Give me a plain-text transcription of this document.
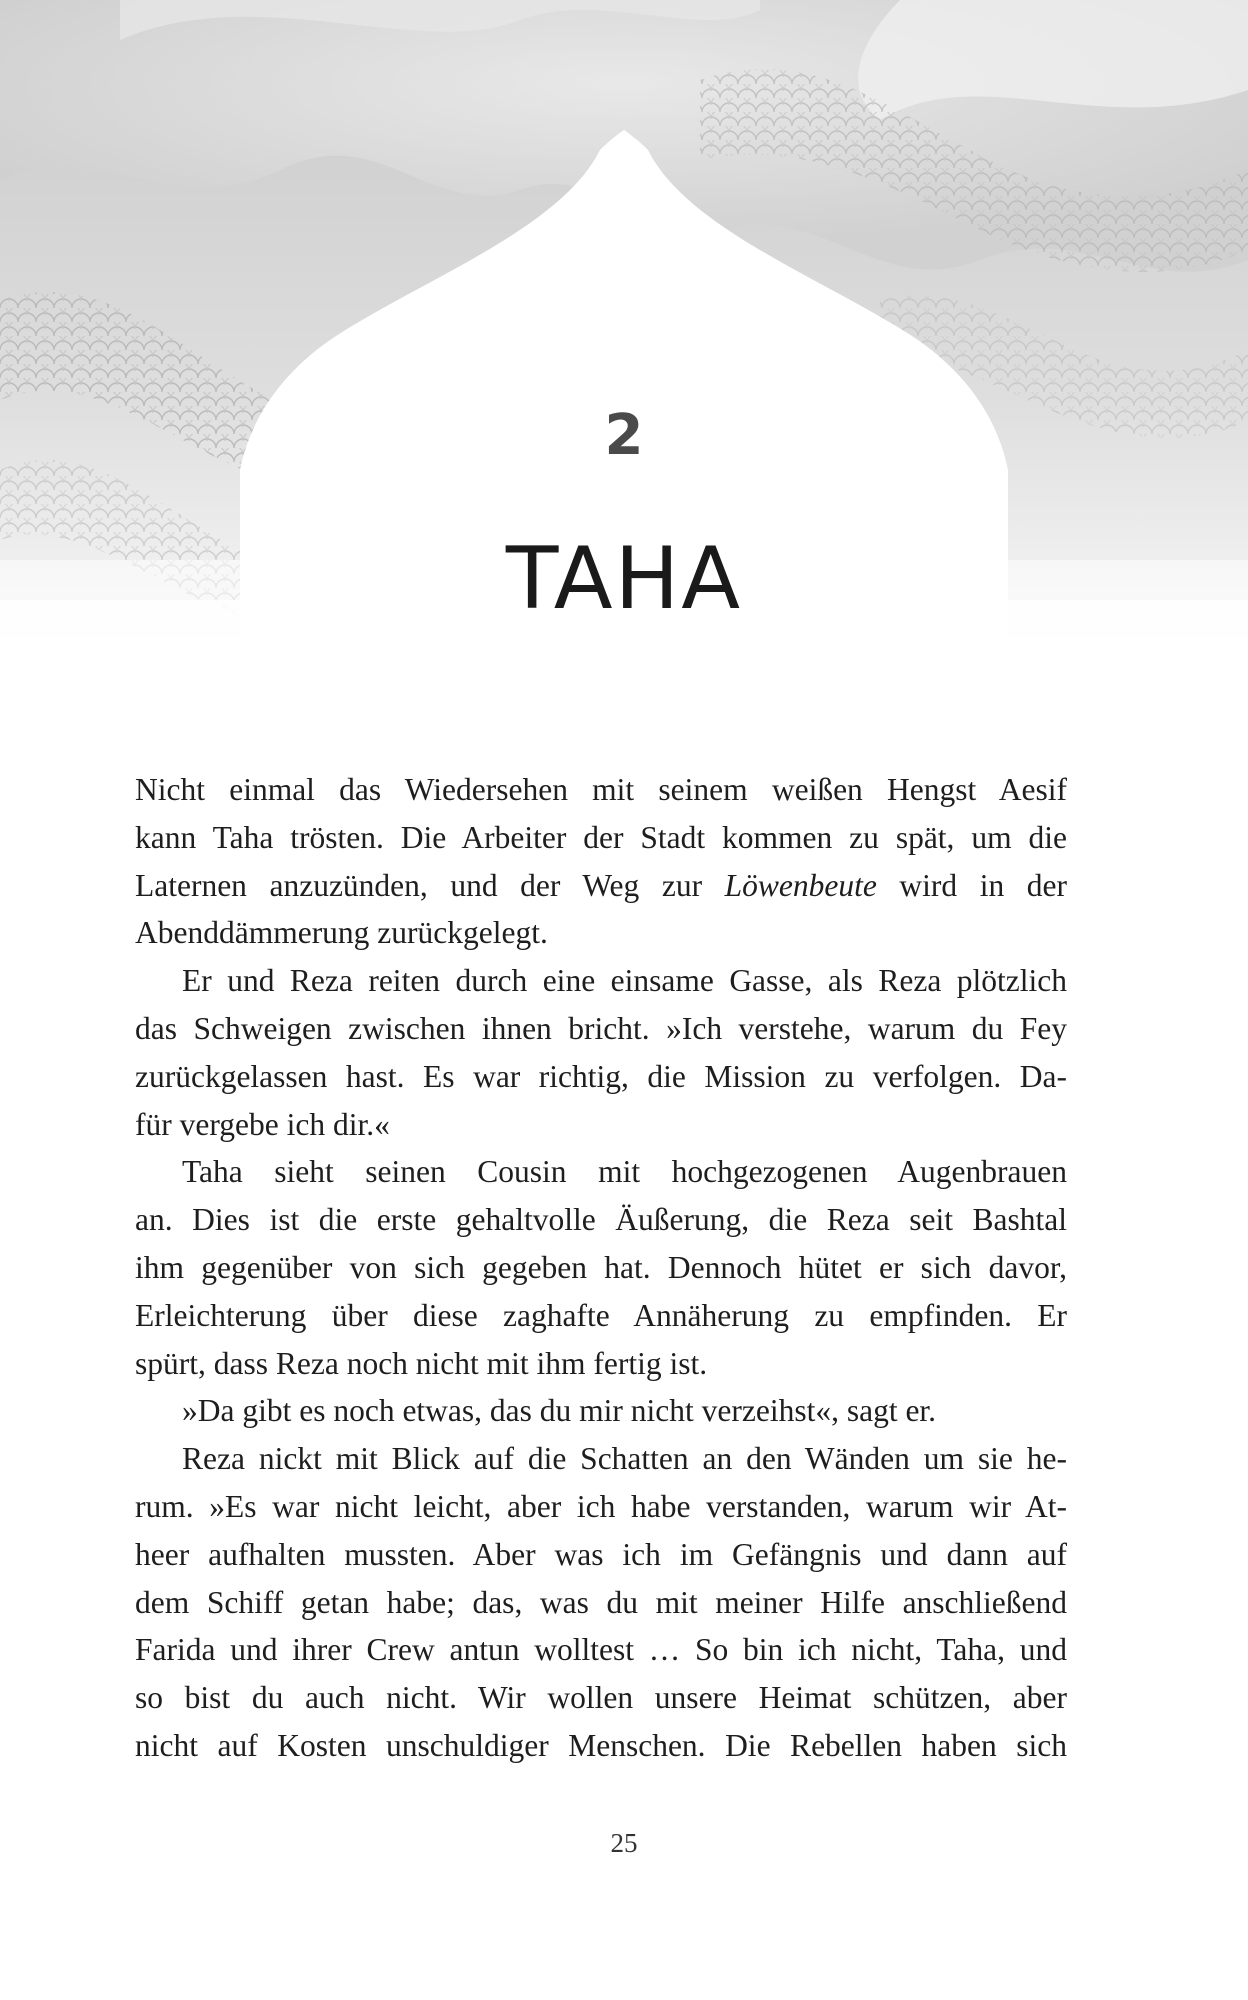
2
TAHA
Nicht einmal das Wiedersehen mit seinem weißen Hengst Aesif
kann Taha trösten. Die Arbeiter der Stadt kommen zu spät, um die
Laternen anzuzünden, und der Weg zur Löwenbeute wird in der
Abenddämmerung zurückgelegt.
Er und Reza reiten durch eine einsame Gasse, als Reza plötzlich
das Schweigen zwischen ihnen bricht. »Ich verstehe, warum du Fey
zurückgelassen hast. Es war richtig, die Mission zu verfolgen. Da-
für vergebe ich dir.«
Taha sieht seinen Cousin mit hochgezogenen Augenbrauen
an. Dies ist die erste gehaltvolle Äußerung, die Reza seit Bashtal
ihm gegenüber von sich gegeben hat. Dennoch hütet er sich davor,
Erleichterung über diese zaghafte Annäherung zu empfinden. Er
spürt, dass Reza noch nicht mit ihm fertig ist.
»Da gibt es noch etwas, das du mir nicht verzeihst«, sagt er.
Reza nickt mit Blick auf die Schatten an den Wänden um sie he-
rum. »Es war nicht leicht, aber ich habe verstanden, warum wir At-
heer aufhalten mussten. Aber was ich im Gefängnis und dann auf
dem Schiff getan habe; das, was du mit meiner Hilfe anschließend
Farida und ihrer Crew antun wolltest … So bin ich nicht, Taha, und
so bist du auch nicht. Wir wollen unsere Heimat schützen, aber
nicht auf Kosten unschuldiger Menschen. Die Rebellen haben sich
25
